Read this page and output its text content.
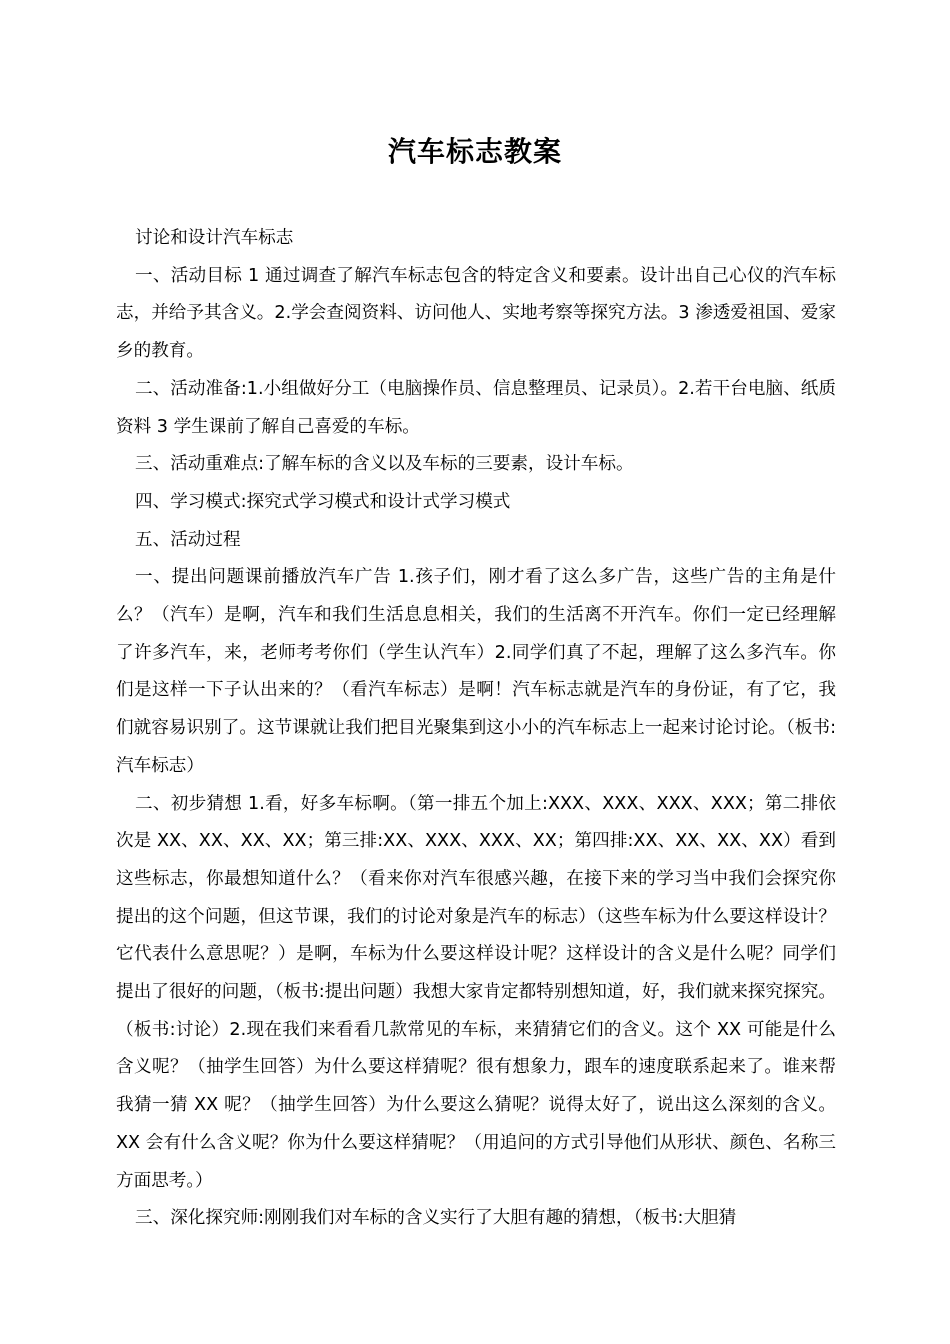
汽车标志教案

讨论和设计汽车标志

一、活动目标 1 通过调查了解汽车标志包含的特定含义和要素。设计出自己心仪的汽车标志，并给予其含义。2.学会查阅资料、访问他人、实地考察等探究方法。3 渗透爱祖国、爱家乡的教育。

二、活动准备:1.小组做好分工（电脑操作员、信息整理员、记录员）。2.若干台电脑、纸质资料 3 学生课前了解自己喜爱的车标。

三、活动重难点:了解车标的含义以及车标的三要素，设计车标。

四、学习模式:探究式学习模式和设计式学习模式

五、活动过程

一、提出问题课前播放汽车广告 1.孩子们，刚才看了这么多广告，这些广告的主角是什么？（汽车）是啊，汽车和我们生活息息相关，我们的生活离不开汽车。你们一定已经理解了许多汽车，来，老师考考你们（学生认汽车）2.同学们真了不起，理解了这么多汽车。你们是这样一下子认出来的？（看汽车标志）是啊！汽车标志就是汽车的身份证，有了它，我们就容易识别了。这节课就让我们把目光聚集到这小小的汽车标志上一起来讨论讨论。（板书:汽车标志）

二、初步猜想 1.看，好多车标啊。（第一排五个加上:XXX、XXX、XXX、XXX；第二排依次是 XX、XX、XX、XX；第三排:XX、XXX、XXX、XX；第四排:XX、XX、XX、XX）看到这些标志，你最想知道什么？（看来你对汽车很感兴趣，在接下来的学习当中我们会探究你提出的这个问题，但这节课，我们的讨论对象是汽车的标志）（这些车标为什么要这样设计？它代表什么意思呢？）是啊，车标为什么要这样设计呢？这样设计的含义是什么呢？同学们提出了很好的问题，（板书:提出问题）我想大家肯定都特别想知道，好，我们就来探究探究。（板书:讨论）2.现在我们来看看几款常见的车标，来猜猜它们的含义。这个 XX 可能是什么含义呢？（抽学生回答）为什么要这样猜呢？很有想象力，跟车的速度联系起来了。谁来帮我猜一猜 XX 呢？（抽学生回答）为什么要这么猜呢？说得太好了，说出这么深刻的含义。XX 会有什么含义呢？你为什么要这样猜呢？（用追问的方式引导他们从形状、颜色、名称三方面思考。）

三、深化探究师:刚刚我们对车标的含义实行了大胆有趣的猜想，（板书:大胆猜
